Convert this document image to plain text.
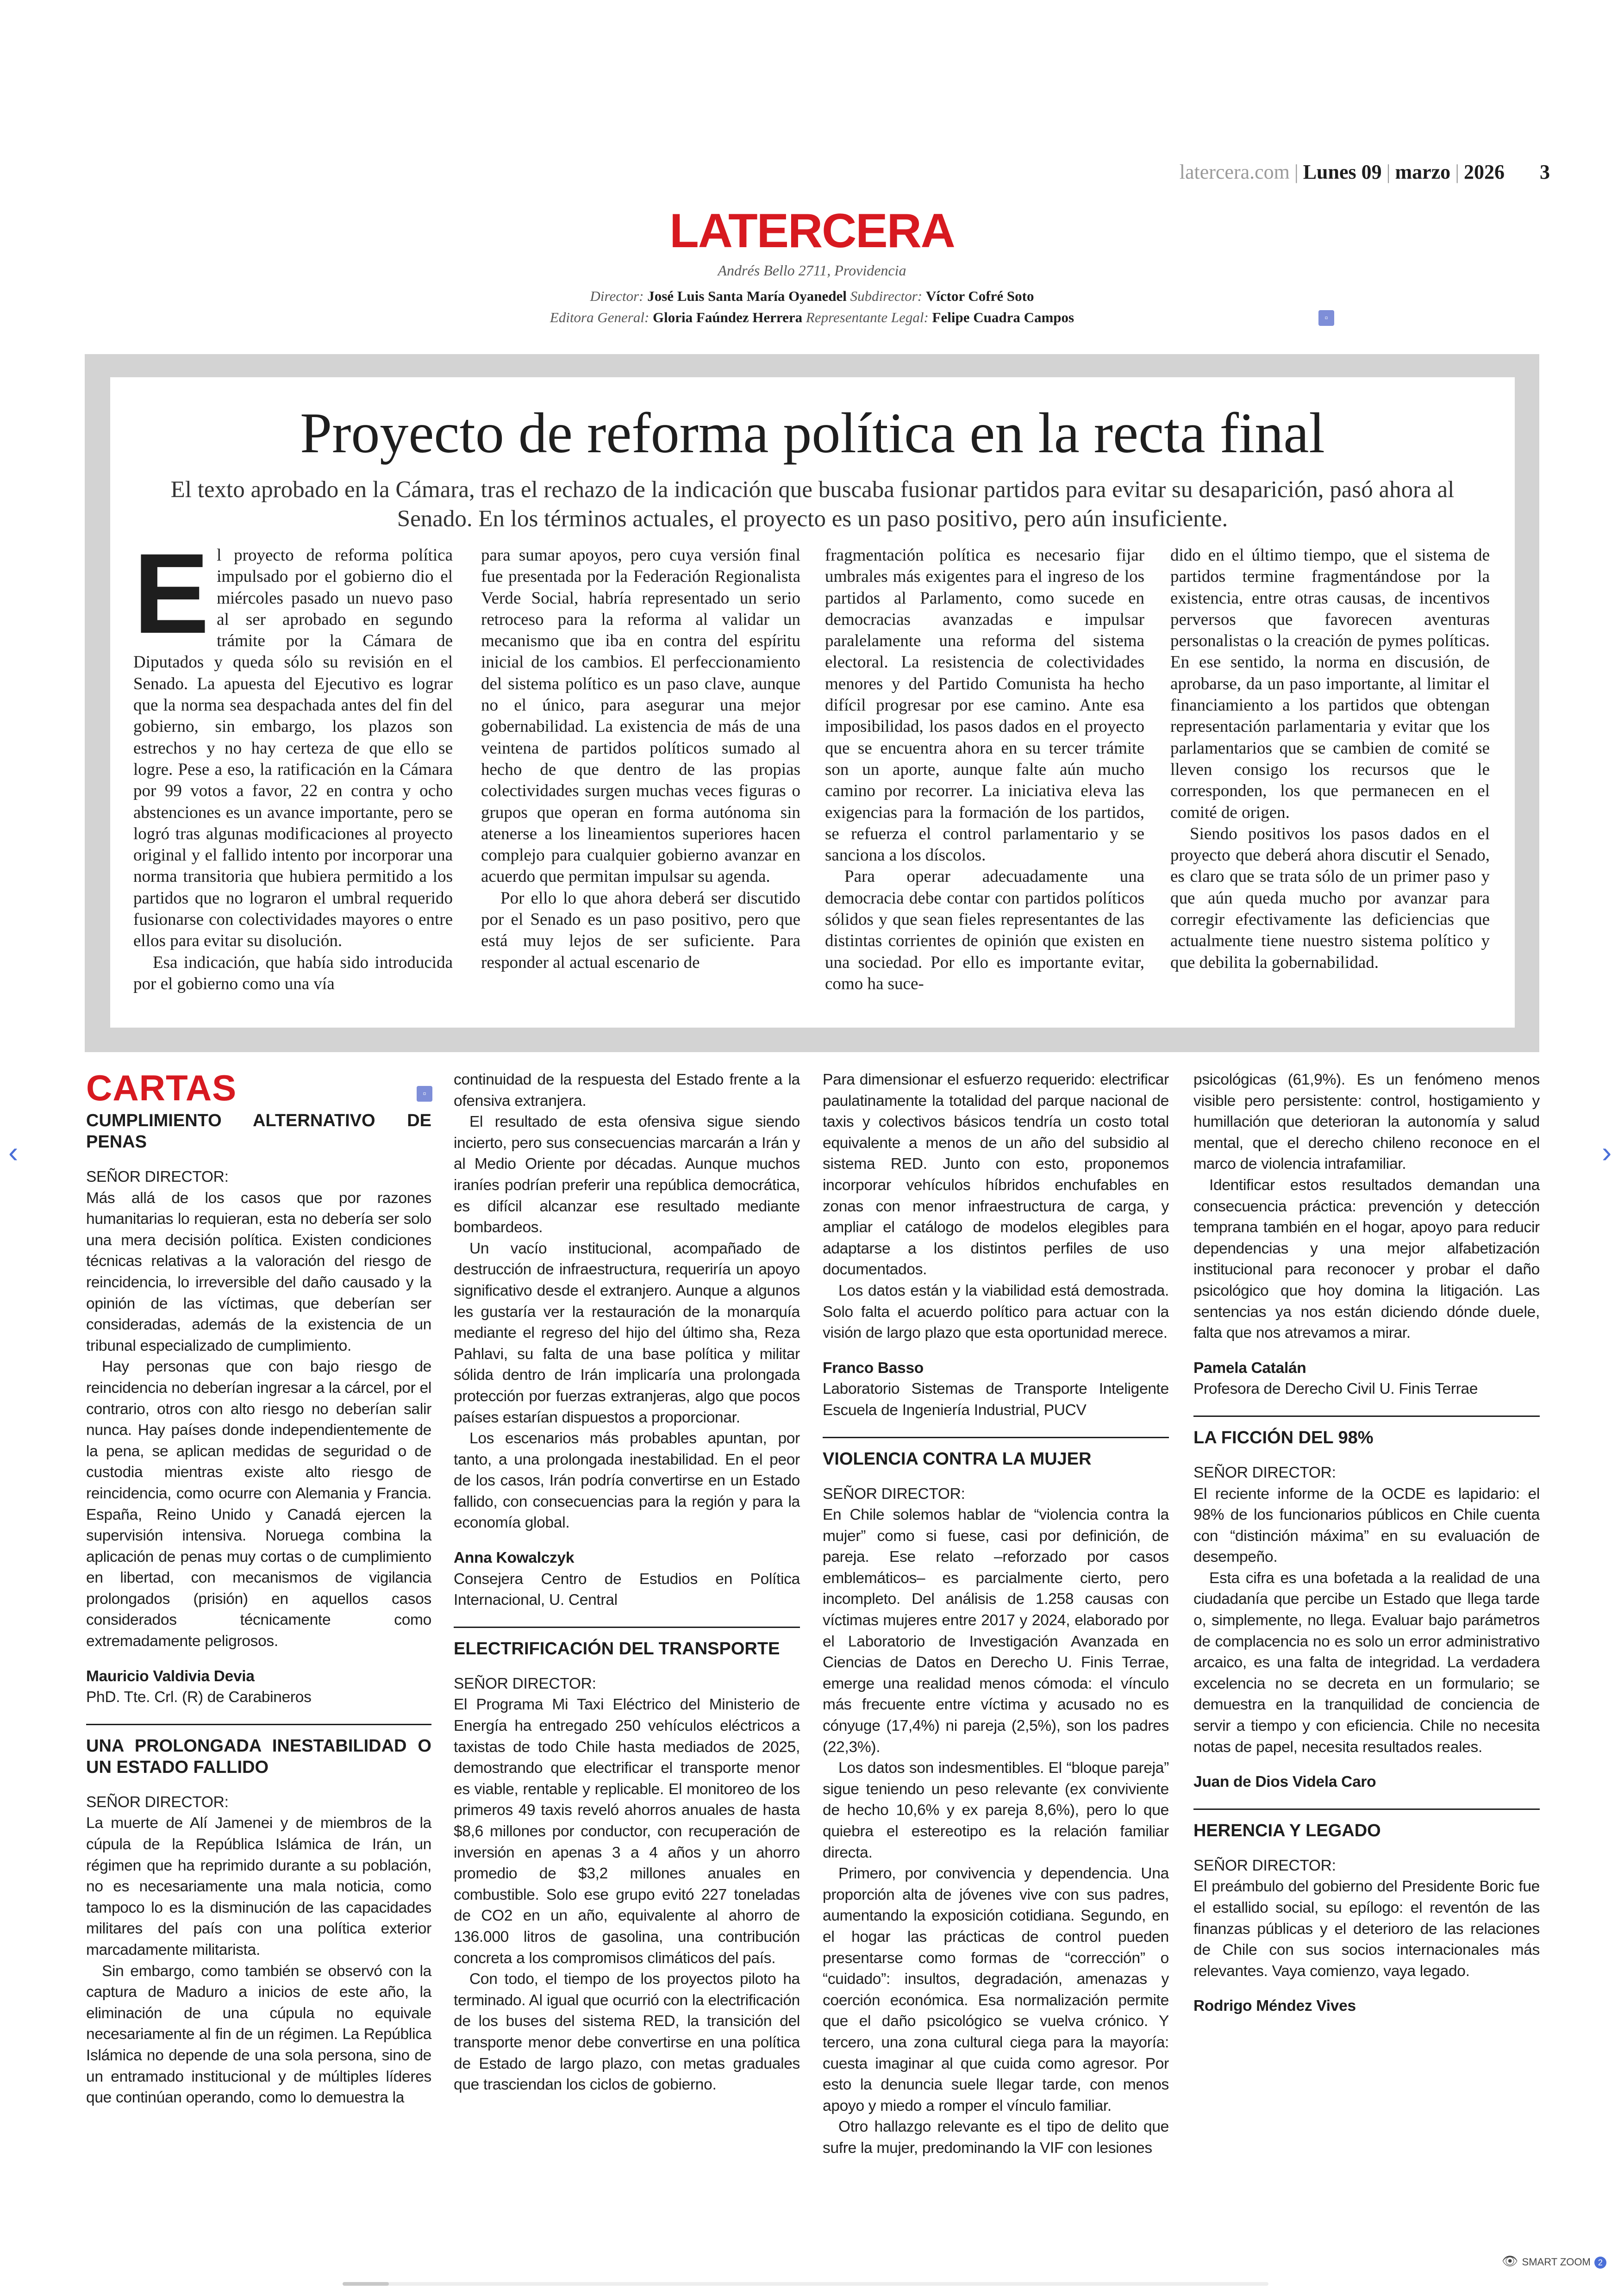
latercera.com | Lunes 09 | marzo | 2026 3
LATERCERA
Andrés Bello 2711, Providencia
Director: José Luis Santa María Oyanedel Subdirector: Víctor Cofré Soto
Editora General: Gloria Faúndez Herrera Representante Legal: Felipe Cuadra Campos	▫
Proyecto de reforma política en la recta final
El texto aprobado en la Cámara, tras el rechazo de la indicación que buscaba fusionar partidos para evitar su desaparición, pasó ahora al Senado. En los términos actuales, el proyecto es un paso positivo, pero aún insuficiente.
E l proyecto de reforma política impulsado por el gobierno dio el miércoles pasado un nuevo paso al ser aprobado en segundo trámite por la Cámara de Diputados y queda sólo su revisión en el Senado. La apuesta del Ejecutivo es lograr que la norma sea despachada antes del fin del gobierno, sin embargo, los plazos son estrechos y no hay certeza de que ello se logre. Pese a eso, la ratificación en la Cámara por 99 votos a favor, 22 en contra y ocho abstenciones es un avance importante, pero se logró tras algunas modificaciones al proyecto original y el fallido intento por incorporar una norma transitoria que hubiera permitido a los partidos que no lograron el umbral requerido fusionarse con colectividades mayores o entre ellos para evitar su disolución.

Esa indicación, que había sido introducida por el gobierno como una vía

para sumar apoyos, pero cuya versión final fue presentada por la Federación Regionalista Verde Social, habría representado un serio retroceso para la reforma al validar un mecanismo que iba en contra del espíritu inicial de los cambios. El perfeccionamiento del sistema político es un paso clave, aunque no el único, para asegurar una mejor gobernabilidad. La existencia de más de una veintena de partidos políticos sumado al hecho de que dentro de las propias colectividades surgen muchas veces figuras o grupos que operan en forma autónoma sin atenerse a los lineamientos superiores hacen complejo para cualquier gobierno avanzar en acuerdo que permitan impulsar su agenda.

Por ello lo que ahora deberá ser discutido por el Senado es un paso positivo, pero que está muy lejos de ser suficiente. Para responder al actual escenario de

fragmentación política es necesario fijar umbrales más exigentes para el ingreso de los partidos al Parlamento, como sucede en democracias avanzadas e impulsar paralelamente una reforma del sistema electoral. La resistencia de colectividades menores y del Partido Comunista ha hecho difícil progresar por ese camino. Ante esa imposibilidad, los pasos dados en el proyecto que se encuentra ahora en su tercer trámite son un aporte, aunque falte aún mucho camino por recorrer. La iniciativa eleva las exigencias para la formación de los partidos, se refuerza el control parlamentario y se sanciona a los díscolos.

Para operar adecuadamente una democracia debe contar con partidos políticos sólidos y que sean fieles representantes de las distintas corrientes de opinión que existen en una sociedad. Por ello es importante evitar, como ha suce-

dido en el último tiempo, que el sistema de partidos termine fragmentándose por la existencia, entre otras causas, de incentivos perversos que favorecen aventuras personalistas o la creación de pymes políticas. En ese sentido, la norma en discusión, de aprobarse, da un paso importante, al limitar el financiamiento a los partidos que obtengan representación parlamentaria y evitar que los parlamentarios que se cambien de comité se lleven consigo los recursos que le corresponden, los que permanecen en el comité de origen.

Siendo positivos los pasos dados en el proyecto que deberá ahora discutir el Senado, es claro que se trata sólo de un primer paso y que aún queda mucho por avanzar para corregir efectivamente las deficiencias que actualmente tiene nuestro sistema político y que debilita la gobernabilidad.

CARTAS

CUMPLIMIENTO ALTERNATIVO DE PENAS

SEÑOR DIRECTOR:

Más allá de los casos que por razones humanitarias lo requieran, esta no debería ser solo una mera decisión política. Existen condiciones técnicas relativas a la valoración del riesgo de reincidencia, lo irreversible del daño causado y la opinión de las víctimas, que deberían ser consideradas, además de la existencia de un tribunal especializado de cumplimiento.

Hay personas que con bajo riesgo de reincidencia no deberían ingresar a la cárcel, por el contrario, otros con alto riesgo no deberían salir nunca. Hay países donde independientemente de la pena, se aplican medidas de seguridad o de custodia mientras existe alto riesgo de reincidencia, como ocurre con Alemania y Francia. España, Reino Unido y Canadá ejercen la supervisión intensiva. Noruega combina la aplicación de penas muy cortas o de cumplimiento en libertad, con mecanismos de vigilancia prolongados (prisión) en aquellos casos considerados técnicamente como extremadamente peligrosos.

Mauricio Valdivia Devia

PhD. Tte. Crl. (R) de Carabineros

UNA PROLONGADA INESTABILIDAD O UN ESTADO FALLIDO

SEÑOR DIRECTOR:

La muerte de Alí Jamenei y de miembros de la cúpula de la República Islámica de Irán, un régimen que ha reprimido durante a su población, no es necesariamente una mala noticia, como tampoco lo es la disminución de las capacidades militares del país con una política exterior marcadamente militarista.

Sin embargo, como también se observó con la captura de Maduro a inicios de este año, la eliminación de una cúpula no equivale necesariamente al fin de un régimen. La República Islámica no depende de una sola persona, sino de un entramado institucional y de múltiples líderes que continúan operando, como lo demuestra la

▫

continuidad de la respuesta del Estado frente a la ofensiva extranjera.

El resultado de esta ofensiva sigue siendo incierto, pero sus consecuencias marcarán a Irán y al Medio Oriente por décadas. Aunque muchos iraníes podrían preferir una república democrática, es difícil alcanzar ese resultado mediante bombardeos.

Un vacío institucional, acompañado de destrucción de infraestructura, requeriría un apoyo significativo desde el extranjero. Aunque a algunos les gustaría ver la restauración de la monarquía mediante el regreso del hijo del último sha, Reza Pahlavi, su falta de una base política y militar sólida dentro de Irán implicaría una prolongada protección por fuerzas extranjeras, algo que pocos países estarían dispuestos a proporcionar.

Los escenarios más probables apuntan, por tanto, a una prolongada inestabilidad. En el peor de los casos, Irán podría convertirse en un Estado fallido, con consecuencias para la región y para la economía global.

Anna Kowalczyk

Consejera Centro de Estudios en Política Internacional, U. Central

ELECTRIFICACIÓN DEL TRANSPORTE

SEÑOR DIRECTOR:

El Programa Mi Taxi Eléctrico del Ministerio de Energía ha entregado 250 vehículos eléctricos a taxistas de todo Chile hasta mediados de 2025, demostrando que electrificar el transporte menor es viable, rentable y replicable. El monitoreo de los primeros 49 taxis reveló ahorros anuales de hasta $8,6 millones por conductor, con recuperación de inversión en apenas 3 a 4 años y un ahorro promedio de $3,2 millones anuales en combustible. Solo ese grupo evitó 227 toneladas de CO2 en un año, equivalente al ahorro de 136.000 litros de gasolina, una contribución concreta a los compromisos climáticos del país.

Con todo, el tiempo de los proyectos piloto ha terminado. Al igual que ocurrió con la electrificación de los buses del sistema RED, la transición del transporte menor debe convertirse en una política de Estado de largo plazo, con metas graduales que trasciendan los ciclos de gobierno.

Para dimensionar el esfuerzo requerido: electrificar paulatinamente la totalidad del parque nacional de taxis y colectivos básicos tendría un costo total equivalente a menos de un año del subsidio al sistema RED. Junto con esto, proponemos incorporar vehículos híbridos enchufables en zonas con menor infraestructura de carga, y ampliar el catálogo de modelos elegibles para adaptarse a los distintos perfiles de uso documentados.

Los datos están y la viabilidad está demostrada. Solo falta el acuerdo político para actuar con la visión de largo plazo que esta oportunidad merece.

Franco Basso

Laboratorio Sistemas de Transporte Inteligente Escuela de Ingeniería Industrial, PUCV

VIOLENCIA CONTRA LA MUJER

SEÑOR DIRECTOR:

En Chile solemos hablar de “violencia contra la mujer” como si fuese, casi por definición, de pareja. Ese relato –reforzado por casos emblemáticos– es parcialmente cierto, pero incompleto. Del análisis de 1.258 causas con víctimas mujeres entre 2017 y 2024, elaborado por el Laboratorio de Investigación Avanzada en Ciencias de Datos en Derecho U. Finis Terrae, emerge una realidad menos cómoda: el vínculo más frecuente entre víctima y acusado no es cónyuge (17,4%) ni pareja (2,5%), son los padres (22,3%).

Los datos son indesmentibles. El “bloque pareja” sigue teniendo un peso relevante (ex conviviente de hecho 10,6% y ex pareja 8,6%), pero lo que quiebra el estereotipo es la relación familiar directa.

Primero, por convivencia y dependencia. Una proporción alta de jóvenes vive con sus padres, aumentando la exposición cotidiana. Segundo, en el hogar las prácticas de control pueden presentarse como formas de “corrección” o “cuidado”: insultos, degradación, amenazas y coerción económica. Esa normalización permite que el daño psicológico se vuelva crónico. Y tercero, una zona cultural ciega para la mayoría: cuesta imaginar al que cuida como agresor. Por esto la denuncia suele llegar tarde, con menos apoyo y miedo a romper el vínculo familiar.

Otro hallazgo relevante es el tipo de delito que sufre la mujer, predominando la VIF con lesiones

psicológicas (61,9%). Es un fenómeno menos visible pero persistente: control, hostigamiento y humillación que deterioran la autonomía y salud mental, que el derecho chileno reconoce en el marco de violencia intrafamiliar.

Identificar estos resultados demandan una consecuencia práctica: prevención y detección temprana también en el hogar, apoyo para reducir dependencias y una mejor alfabetización institucional para reconocer y probar el daño psicológico que hoy domina la litigación. Las sentencias ya nos están diciendo dónde duele, falta que nos atrevamos a mirar.

Pamela Catalán

Profesora de Derecho Civil U. Finis Terrae

LA FICCIÓN DEL 98%

SEÑOR DIRECTOR:

El reciente informe de la OCDE es lapidario: el 98% de los funcionarios públicos en Chile cuenta con “distinción máxima” en su evaluación de desempeño.

Esta cifra es una bofetada a la realidad de una ciudadanía que percibe un Estado que llega tarde o, simplemente, no llega. Evaluar bajo parámetros de complacencia no es solo un error administrativo arcaico, es una falta de integridad. La verdadera excelencia no se decreta en un formulario; se demuestra en la tranquilidad de conciencia de servir a tiempo y con eficiencia. Chile no necesita notas de papel, necesita resultados reales.

Juan de Dios Videla Caro

HERENCIA Y LEGADO

SEÑOR DIRECTOR:

El preámbulo del gobierno del Presidente Boric fue el estallido social, su epílogo: el reventón de las finanzas públicas y el deterioro de las relaciones de Chile con sus socios internacionales más relevantes. Vaya comienzo, vaya legado.

Rodrigo Méndez Vives

‹	›
👁 SMART ZOOM 2
